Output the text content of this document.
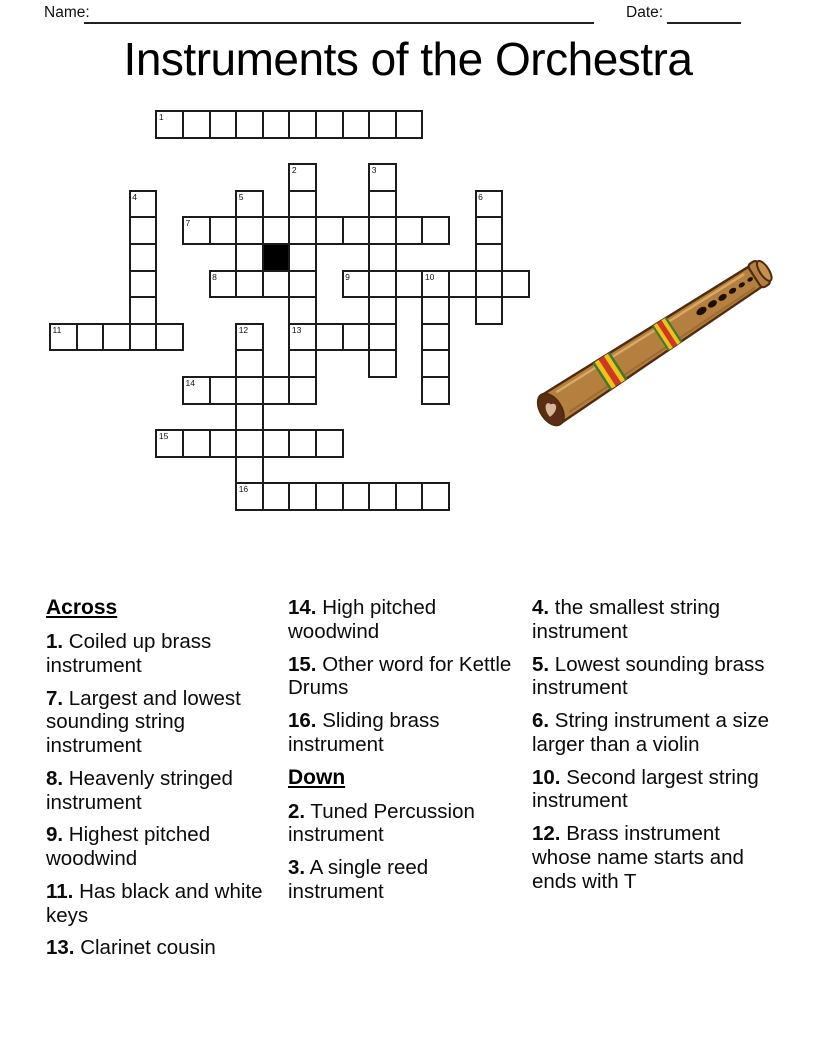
Name:	Date:
Instruments of the Orchestra
1
2
13
3
4	5	6
7
8	9	10
11	12
16
14
15
Across
1. Coiled up brass instrument
7. Largest and lowest sounding string instrument
8. Heavenly stringed instrument
9. Highest pitched woodwind
11. Has black and white keys
13. Clarinet cousin
14. High pitched woodwind
15. Other word for Kettle Drums
16. Sliding brass instrument
Down
2. Tuned Percussion instrument
3. A single reed instrument
4. the smallest string instrument
5. Lowest sounding brass instrument
6. String instrument a size larger than a violin
10. Second largest string instrument
12. Brass instrument whose name starts and ends with T
